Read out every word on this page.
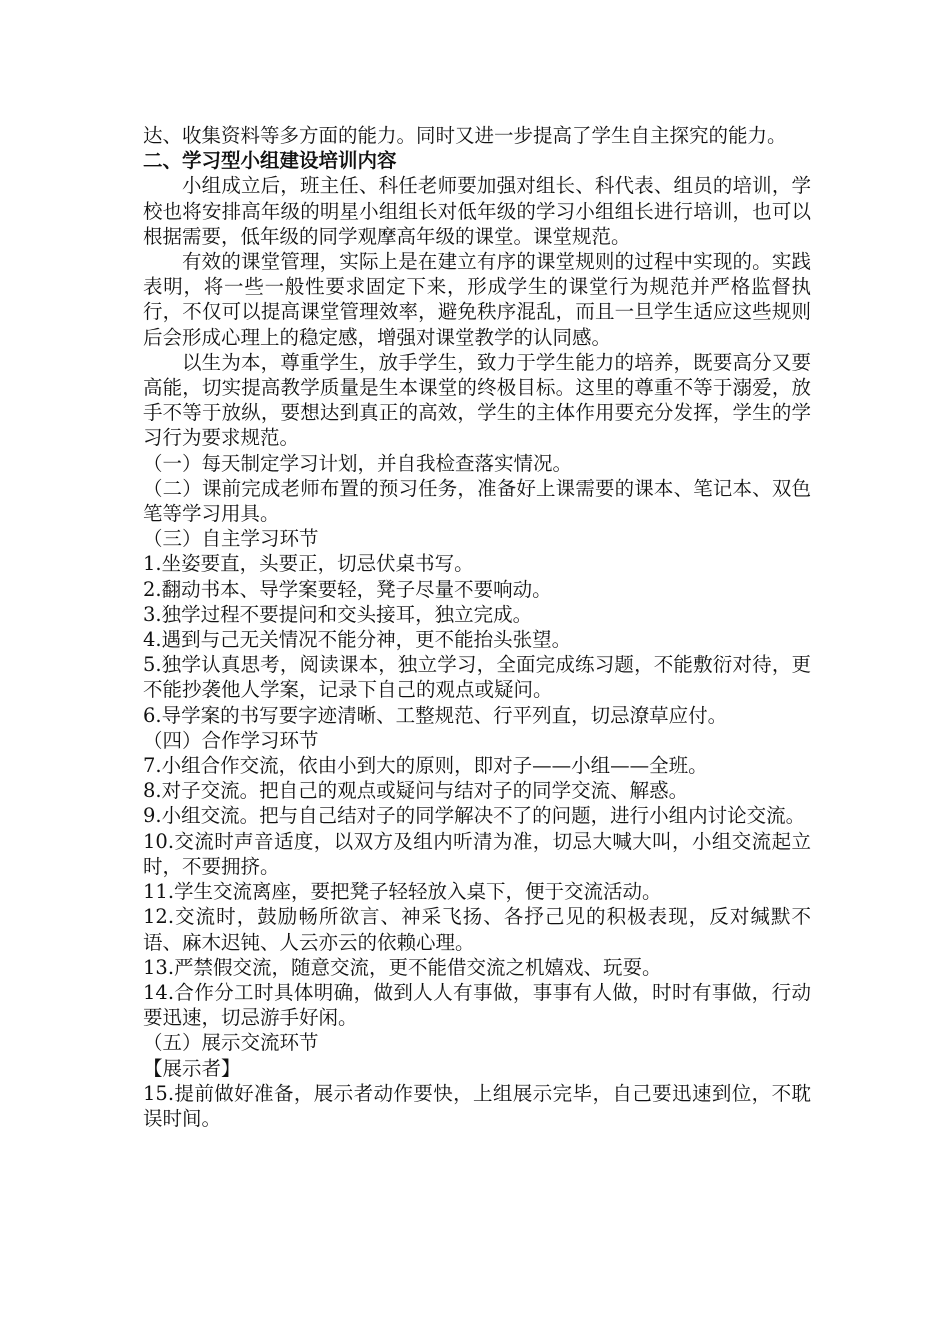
达、收集资料等多方面的能力。同时又进一步提高了学生自主探究的能力。

二、学习型小组建设培训内容

小组成立后，班主任、科任老师要加强对组长、科代表、组员的培训，学校也将安排高年级的明星小组组长对低年级的学习小组组长进行培训，也可以根据需要，低年级的同学观摩高年级的课堂。课堂规范。

有效的课堂管理，实际上是在建立有序的课堂规则的过程中实现的。实践表明，将一些一般性要求固定下来，形成学生的课堂行为规范并严格监督执行，不仅可以提高课堂管理效率，避免秩序混乱，而且一旦学生适应这些规则后会形成心理上的稳定感，增强对课堂教学的认同感。

以生为本，尊重学生，放手学生，致力于学生能力的培养，既要高分又要高能，切实提高教学质量是生本课堂的终极目标。这里的尊重不等于溺爱，放手不等于放纵，要想达到真正的高效，学生的主体作用要充分发挥，学生的学习行为要求规范。

（一）每天制定学习计划，并自我检查落实情况。

（二）课前完成老师布置的预习任务，准备好上课需要的课本、笔记本、双色笔等学习用具。

（三）自主学习环节

1.坐姿要直，头要正，切忌伏桌书写。

2.翻动书本、导学案要轻，凳子尽量不要响动。

3.独学过程不要提问和交头接耳，独立完成。

4.遇到与己无关情况不能分神，更不能抬头张望。

5.独学认真思考，阅读课本，独立学习，全面完成练习题，不能敷衍对待，更不能抄袭他人学案，记录下自己的观点或疑问。

6.导学案的书写要字迹清晰、工整规范、行平列直，切忌潦草应付。

（四）合作学习环节

7.小组合作交流，依由小到大的原则，即对子——小组——全班。

8.对子交流。把自己的观点或疑问与结对子的同学交流、解惑。

9.小组交流。把与自己结对子的同学解决不了的问题，进行小组内讨论交流。

10.交流时声音适度，以双方及组内听清为准，切忌大喊大叫，小组交流起立时，不要拥挤。

11.学生交流离座，要把凳子轻轻放入桌下，便于交流活动。

12.交流时，鼓励畅所欲言、神采飞扬、各抒己见的积极表现，反对缄默不语、麻木迟钝、人云亦云的依赖心理。

13.严禁假交流，随意交流，更不能借交流之机嬉戏、玩耍。

14.合作分工时具体明确，做到人人有事做，事事有人做，时时有事做，行动要迅速，切忌游手好闲。

（五）展示交流环节

【展示者】

15.提前做好准备，展示者动作要快，上组展示完毕，自己要迅速到位，不耽误时间。
